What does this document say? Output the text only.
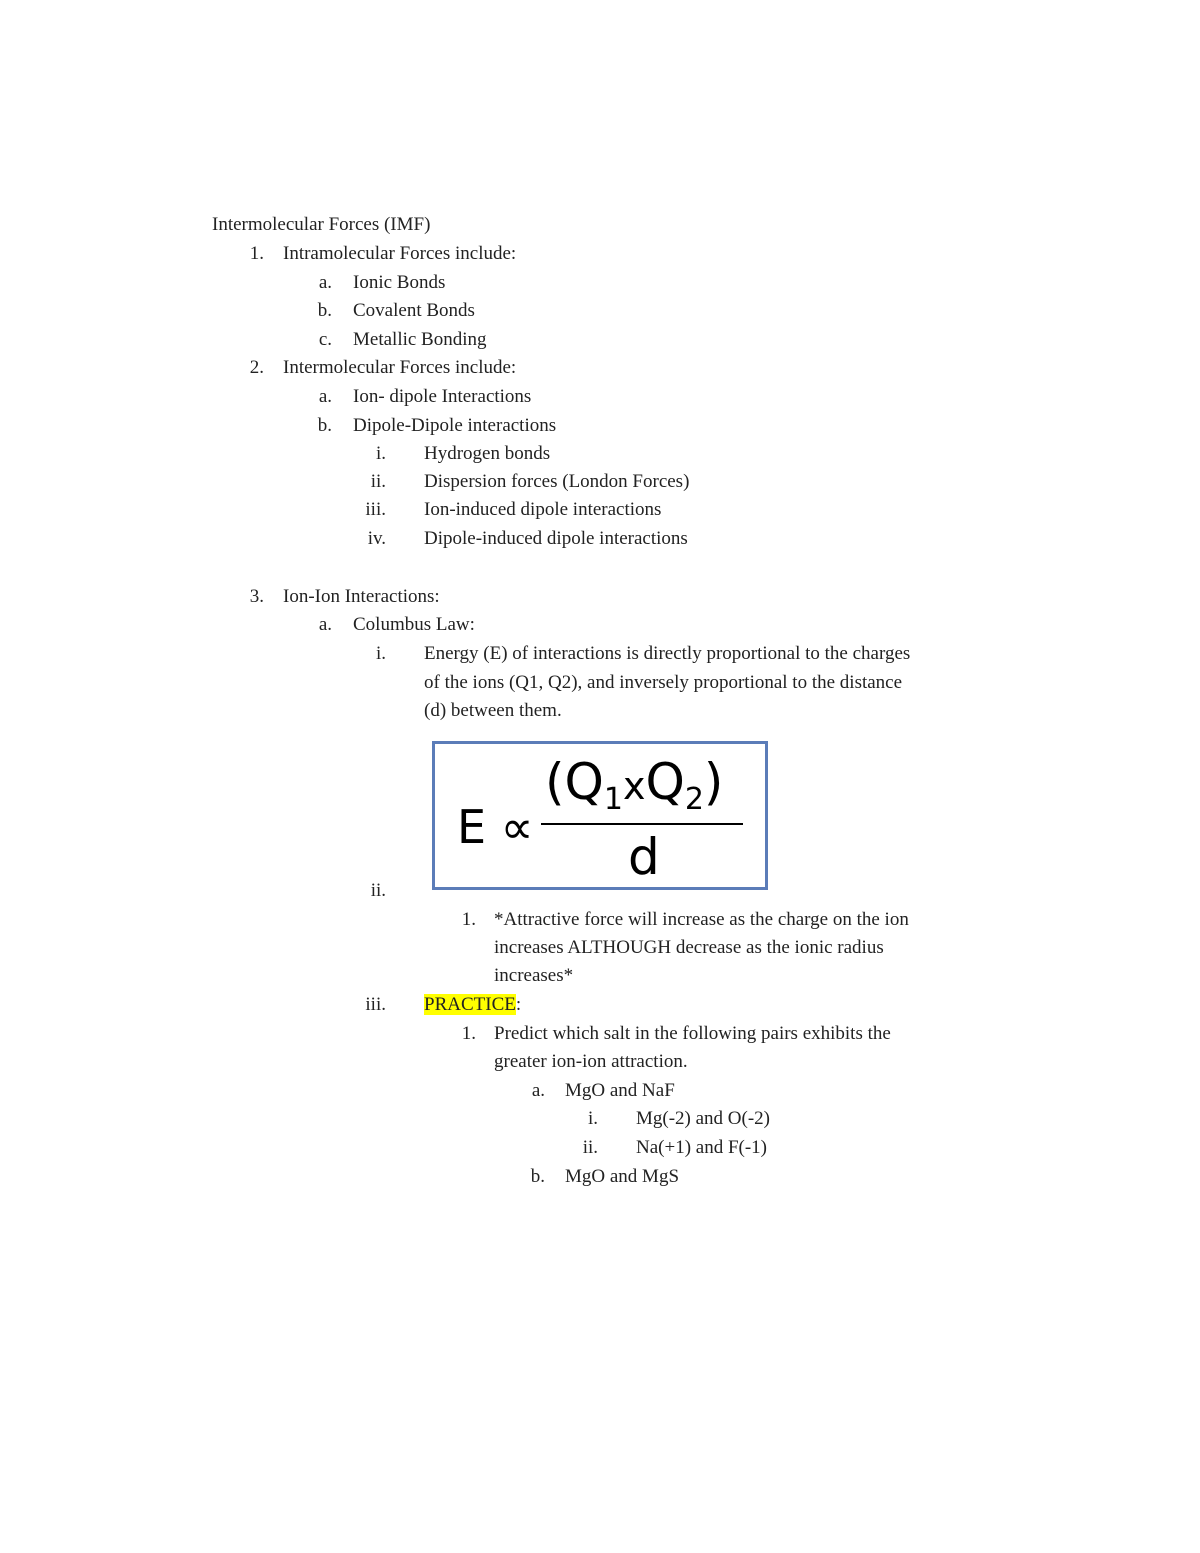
Intermolecular Forces (IMF)
1. Intramolecular Forces include:
a. Ionic Bonds
b. Covalent Bonds
c. Metallic Bonding
2. Intermolecular Forces include:
a. Ion- dipole Interactions
b. Dipole-Dipole interactions
i. Hydrogen bonds
ii. Dispersion forces (London Forces)
iii. Ion-induced dipole interactions
iv. Dipole-induced dipole interactions
3. Ion-Ion Interactions:
a. Columbus Law:
i. Energy (E) of interactions is directly proportional to the charges
of the ions (Q1, Q2), and inversely proportional to the distance
(d) between them.
E ∝
$(Q_1xQ_2)$
d
ii.
1. *Attractive force will increase as the charge on the ion
increases ALTHOUGH decrease as the ionic radius
increases*
iii. PRACTICE:
1. Predict which salt in the following pairs exhibits the
greater ion-ion attraction.
a. MgO and NaF
i. Mg(-2) and O(-2)
ii. Na(+1) and F(-1)
b. MgO and MgS
